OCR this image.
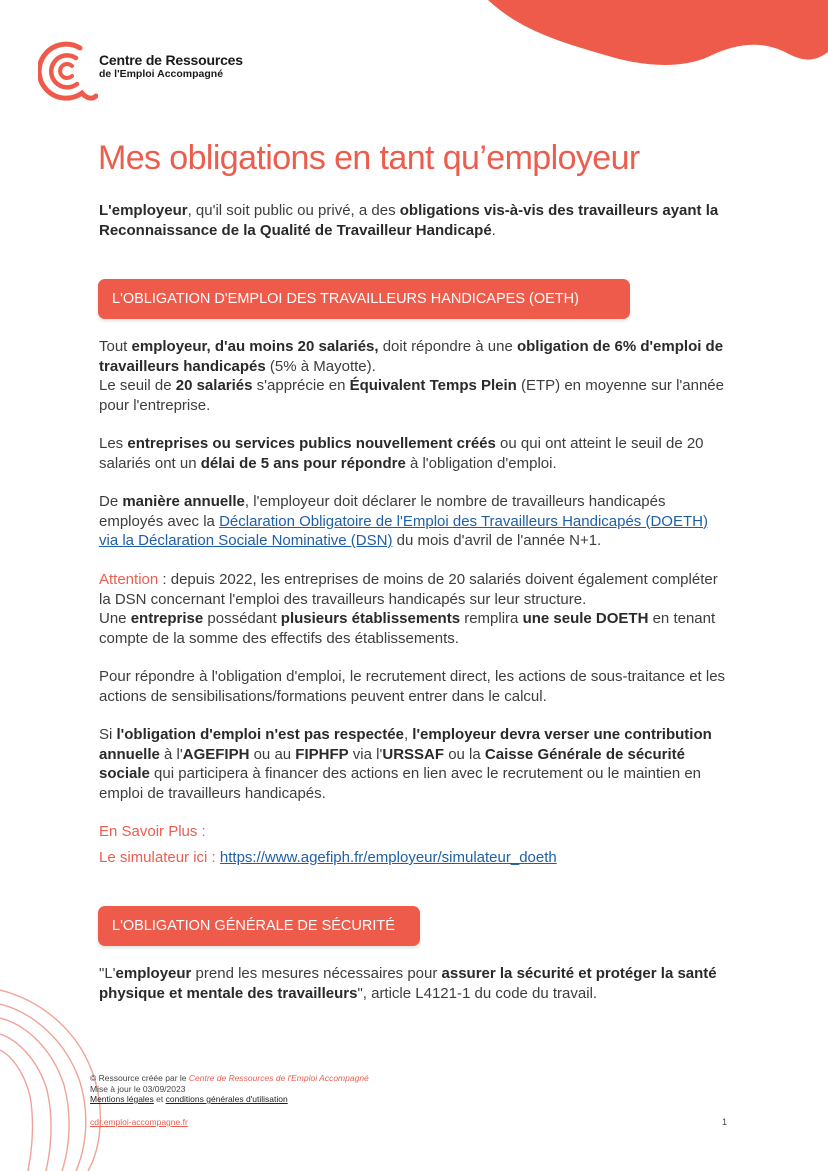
Centre de Ressources
de l'Emploi Accompagné
Mes obligations en tant qu’employeur

L'employeur, qu'il soit public ou privé, a des obligations vis-à-vis des travailleurs ayant la Reconnaissance de la Qualité de Travailleur Handicapé.

L'OBLIGATION D'EMPLOI DES TRAVAILLEURS HANDICAPES (OETH)

Tout employeur, d'au moins 20 salariés, doit répondre à une obligation de 6% d'emploi de travailleurs handicapés (5% à Mayotte).
Le seuil de 20 salariés s'apprécie en Équivalent Temps Plein (ETP) en moyenne sur l'année pour l'entreprise.

Les entreprises ou services publics nouvellement créés ou qui ont atteint le seuil de 20 salariés ont un délai de 5 ans pour répondre à l'obligation d'emploi.

De manière annuelle, l'employeur doit déclarer le nombre de travailleurs handicapés employés avec la Déclaration Obligatoire de l'Emploi des Travailleurs Handicapés (DOETH) via la Déclaration Sociale Nominative (DSN) du mois d'avril de l'année N+1.

Attention : depuis 2022, les entreprises de moins de 20 salariés doivent également compléter la DSN concernant l'emploi des travailleurs handicapés sur leur structure.
Une entreprise possédant plusieurs établissements remplira une seule DOETH en tenant compte de la somme des effectifs des établissements.

Pour répondre à l'obligation d'emploi, le recrutement direct, les actions de sous-traitance et les actions de sensibilisations/formations peuvent entrer dans le calcul.

Si l'obligation d'emploi n'est pas respectée, l'employeur devra verser une contribution annuelle à l'AGEFIPH ou au FIPHFP via l'URSSAF ou la Caisse Générale de sécurité sociale qui participera à financer des actions en lien avec le recrutement ou le maintien en emploi de travailleurs handicapés.

En Savoir Plus :

Le simulateur ici : https://www.agefiph.fr/employeur/simulateur_doeth

L'OBLIGATION GÉNÉRALE DE SÉCURITÉ

"L'employeur prend les mesures nécessaires pour assurer la sécurité et protéger la santé physique et mentale des travailleurs", article L4121-1 du code du travail.

© Ressource créée par le Centre de Ressources de l'Emploi Accompagné
Mise à jour le 03/09/2023
Mentions légales et conditions générales d'utilisation
cdr.emploi-accompagne.fr	1
